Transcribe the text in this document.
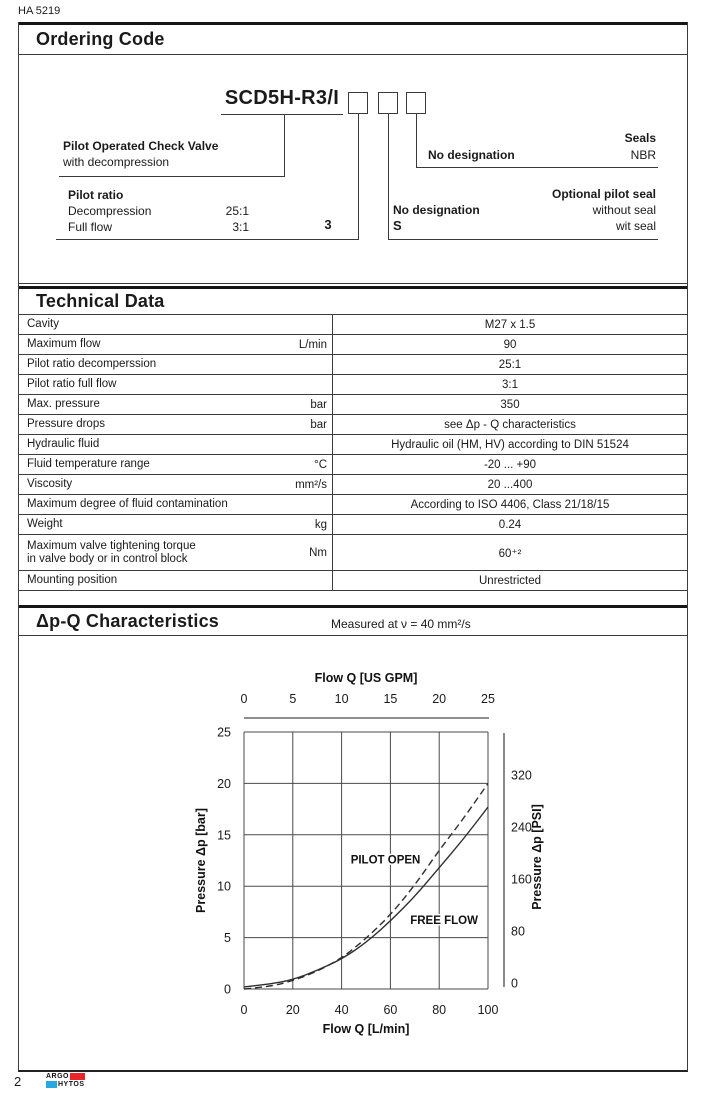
HA 5219
Ordering Code
SCD5H-R3/I
Pilot Operated Check Valve
with decompression
Pilot ratio
Decompression	25:1
Full flow	3:1	3
Seals
No designation	NBR
Optional pilot seal
No designation	without seal
S	wit seal
Technical Data
Cavity	M27 x 1.5
Maximum flow	L/min	90
Pilot ratio decomperssion	25:1
Pilot ratio full flow	3:1
Max. pressure	bar	350
Pressure drops	bar	see Δp - Q characteristics
Hydraulic fluid	Hydraulic oil (HM, HV) according to DIN 51524
Fluid temperature range	°C	-20 ... +90
Viscosity	mm²/s	20 ...400
Maximum degree of fluid contamination	According to ISO 4406, Class 21/18/15
Weight	kg	0.24
Maximum valve tightening torque
in valve body or in control block	Nm	60⁺²
Mounting position	Unrestricted
Δp-Q Characteristics	Measured at ν = 40 mm²/s
0	5	10	15	20	25
Flow Q [US GPM]
25
20
15
10
5
0
Pressure Δp [bar]
0	20	40	60	80	100
Flow Q [L/min]
320
240
160
80
0
Pressure Δp [PSI]
PILOT OPEN
FREE FLOW
2	ARGO
HYTOS
